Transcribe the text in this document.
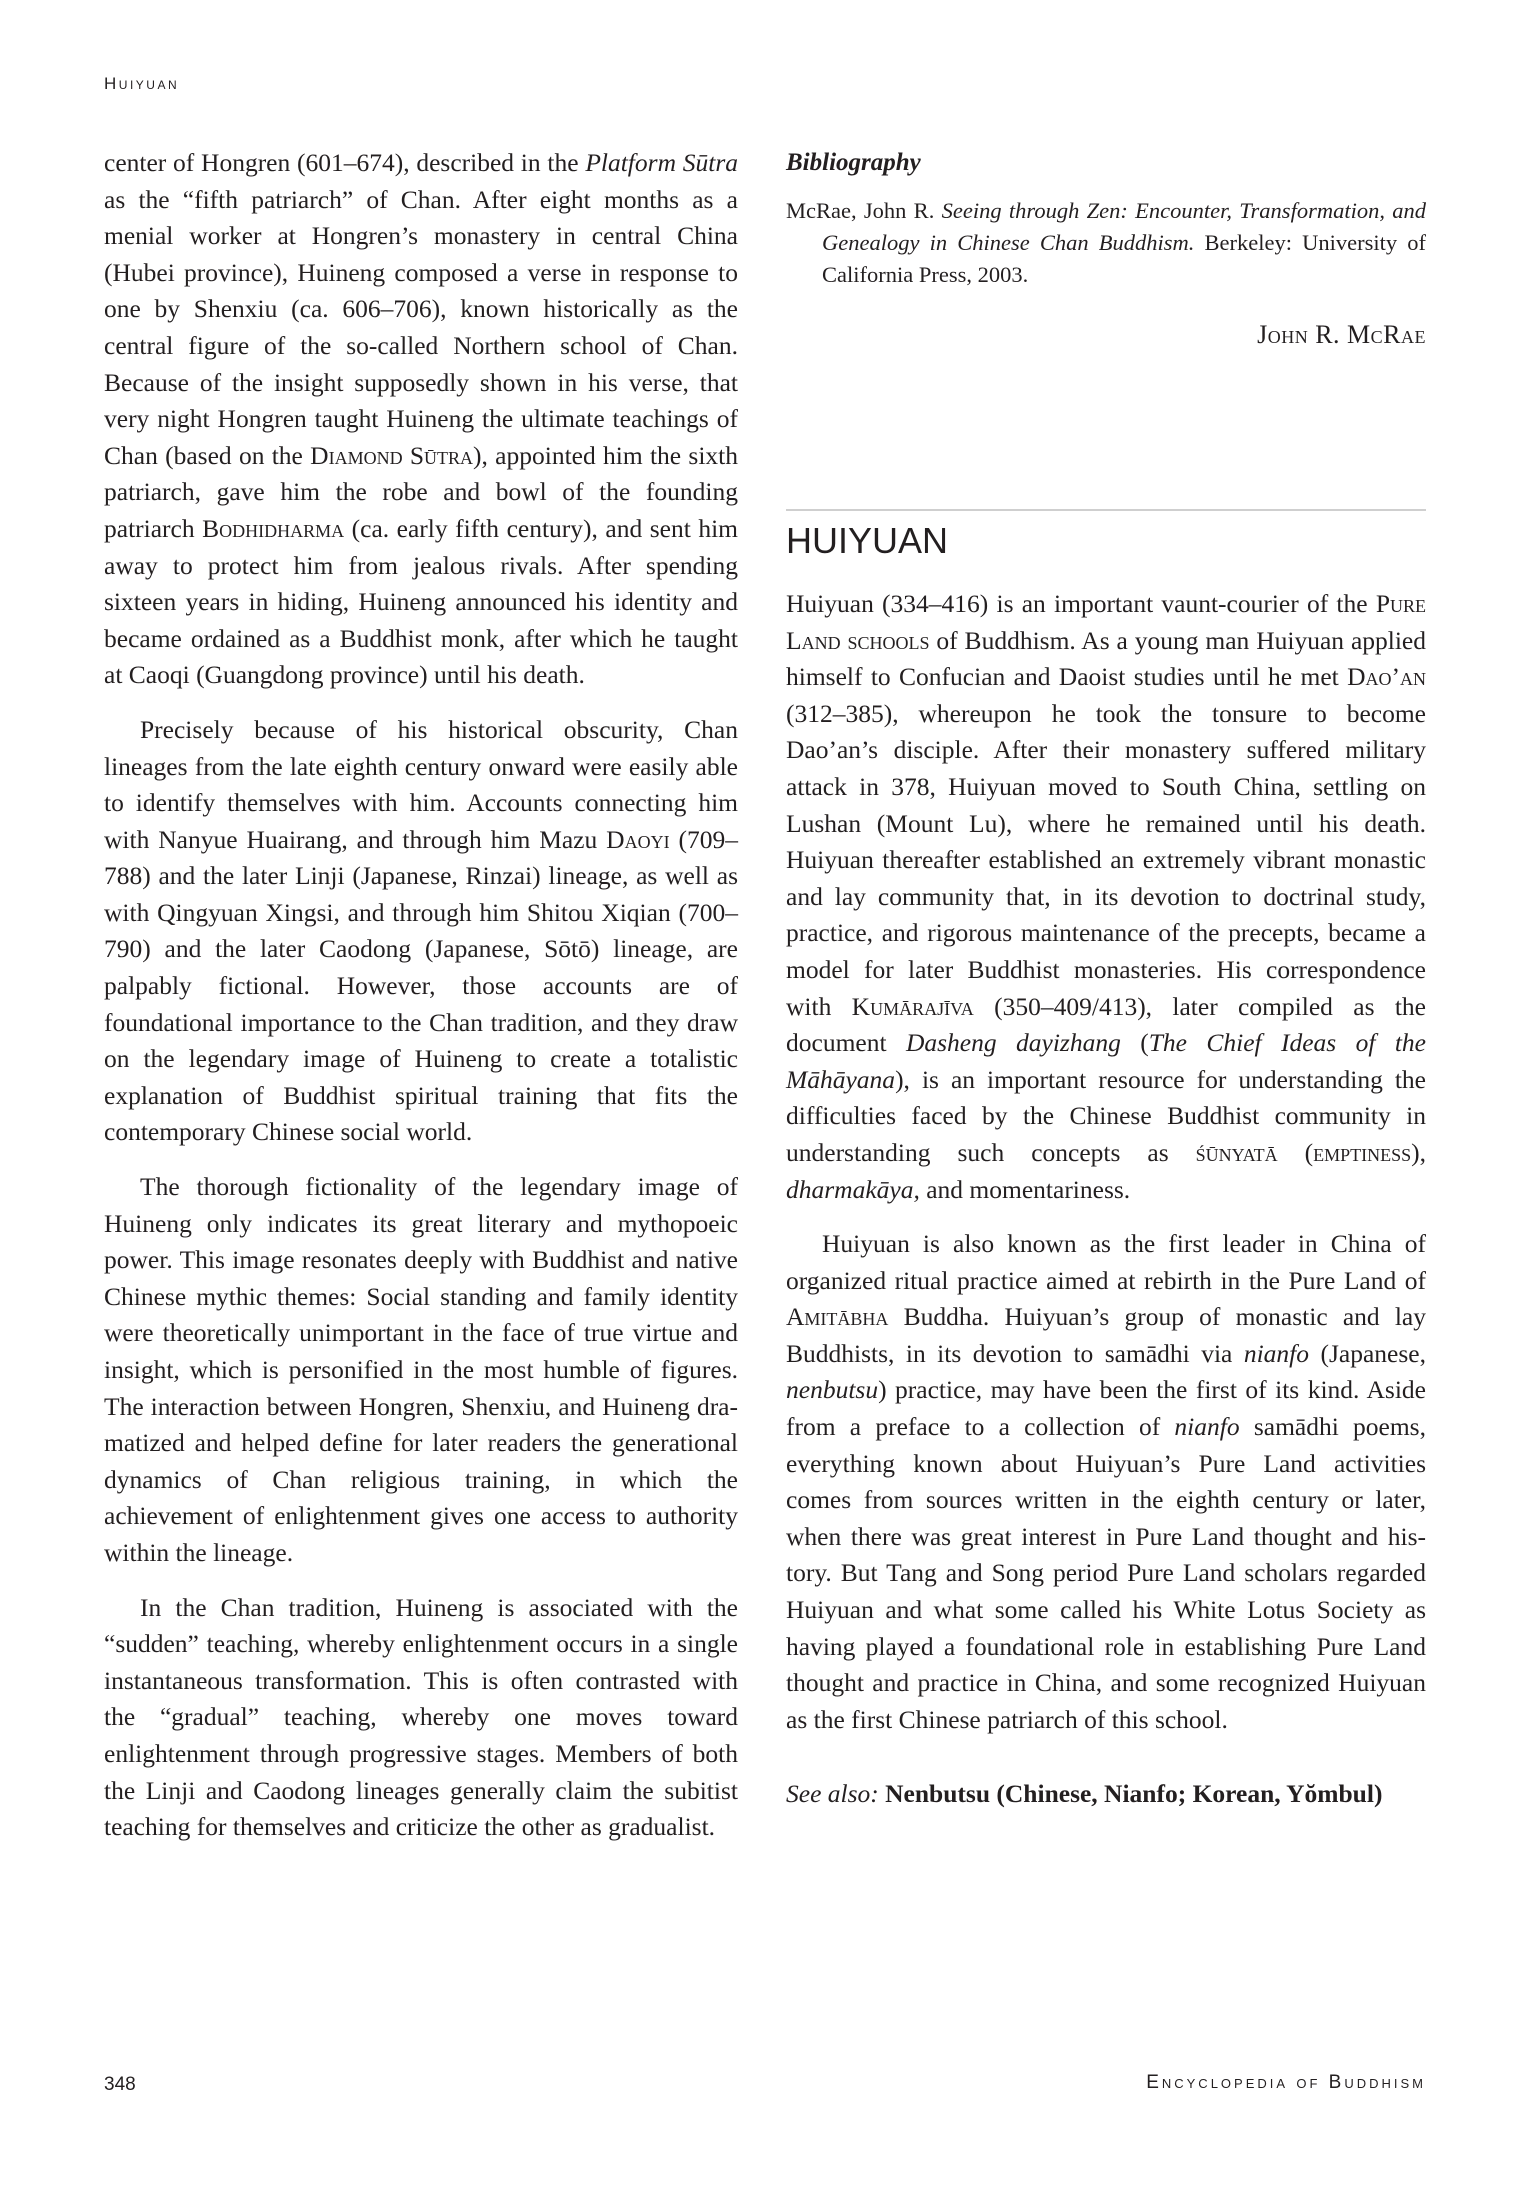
Huiyuan

center of Hongren (601–674), described in the Platform Sūtra as the “fifth patriarch” of Chan. After eight months as a menial worker at Hongren’s monastery in central China (Hubei province), Huineng composed a verse in response to one by Shenxiu (ca. 606–706), known historically as the central figure of the so-called Northern school of Chan. Because of the insight supposedly shown in his verse, that very night Hongren taught Huineng the ultimate teachings of Chan (based on the Diamond Sūtra), appointed him the sixth patriarch, gave him the robe and bowl of the founding patriarch Bodhidharma (ca. early fifth century), and sent him away to protect him from jealous rivals. After spending sixteen years in hiding, Huineng announced his identity and became ordained as a Buddhist monk, after which he taught at Caoqi (Guangdong province) until his death.

Precisely because of his historical obscurity, Chan lineages from the late eighth century onward were easily able to identify themselves with him. Accounts connecting him with Nanyue Huairang, and through him Mazu Daoyi (709–788) and the later Linji (Japanese, Rinzai) lineage, as well as with Qingyuan Xingsi, and through him Shitou Xiqian (700–790) and the later Caodong (Japanese, Sōtō) lineage, are palpably fictional. However, those accounts are of foundational importance to the Chan tradition, and they draw on the legendary image of Huineng to create a totalistic explanation of Buddhist spiritual training that fits the contemporary Chinese social world.

The thorough fictionality of the legendary image of Huineng only indicates its great literary and mythopoeic power. This image resonates deeply with Buddhist and native Chinese mythic themes: Social standing and family identity were theoretically unimportant in the face of true virtue and insight, which is personified in the most humble of figures. The interaction between Hongren, Shenxiu, and Huineng dramatized and helped define for later readers the generational dynamics of Chan religious training, in which the achievement of enlightenment gives one access to authority within the lineage.

In the Chan tradition, Huineng is associated with the “sudden” teaching, whereby enlightenment occurs in a single instantaneous transformation. This is often contrasted with the “gradual” teaching, whereby one moves toward enlightenment through progressive stages. Members of both the Linji and Caodong lineages generally claim the subitist teaching for themselves and criticize the other as gradualist.

Bibliography

McRae, John R. Seeing through Zen: Encounter, Transformation, and Genealogy in Chinese Chan Buddhism. Berkeley: University of California Press, 2003.

John R. McRae
HUIYUAN

Huiyuan (334–416) is an important vaunt-courier of the Pure Land schools of Buddhism. As a young man Huiyuan applied himself to Confucian and Daoist studies until he met Dao’an (312–385), whereupon he took the tonsure to become Dao’an’s disciple. After their monastery suffered military attack in 378, Huiyuan moved to South China, settling on Lushan (Mount Lu), where he remained until his death. Huiyuan thereafter established an extremely vibrant monastic and lay community that, in its devotion to doctrinal study, practice, and rigorous maintenance of the precepts, became a model for later Buddhist monasteries. His correspondence with Kumārajīva (350–409/413), later compiled as the document Dasheng dayizhang (The Chief Ideas of the Māhāyana), is an important resource for understanding the difficulties faced by the Chinese Buddhist community in understanding such concepts as śūnyatā (emptiness), dharmakāya, and momentariness.

Huiyuan is also known as the first leader in China of organized ritual practice aimed at rebirth in the Pure Land of Amitābha Buddha. Huiyuan’s group of monastic and lay Buddhists, in its devotion to samādhi via nianfo (Japanese, nenbutsu) practice, may have been the first of its kind. Aside from a preface to a collection of nianfo samādhi poems, everything known about Huiyuan’s Pure Land activities comes from sources written in the eighth century or later, when there was great interest in Pure Land thought and history. But Tang and Song period Pure Land scholars regarded Huiyuan and what some called his White Lotus Society as having played a foundational role in establishing Pure Land thought and practice in China, and some recognized Huiyuan as the first Chinese patriarch of this school.

See also: Nenbutsu (Chinese, Nianfo; Korean, Yŏmbul)

348	Encyclopedia of Buddhism
